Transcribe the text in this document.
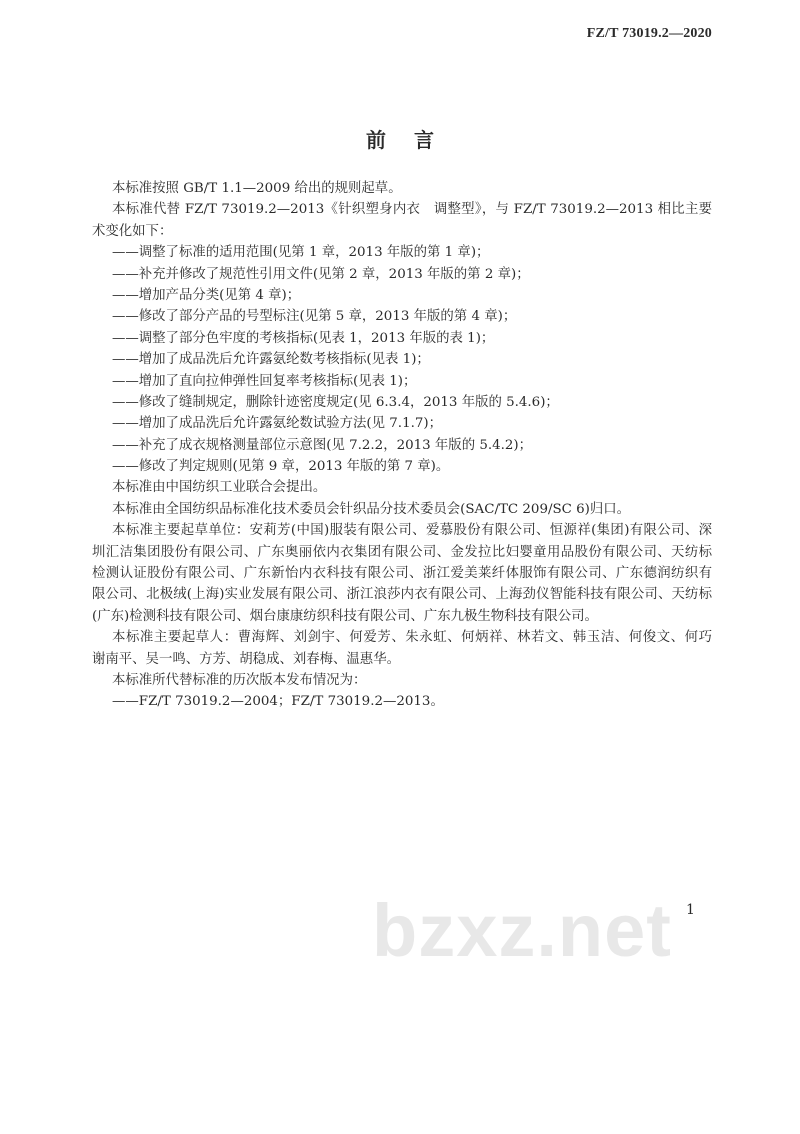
FZ/T 73019.2—2020
前言
本标准按照 GB/T 1.1—2009 给出的规则起草。
本标准代替 FZ/T 73019.2—2013《针织塑身内衣　调整型》，与 FZ/T 73019.2—2013 相比主要
术变化如下：
——调整了标准的适用范围(见第 1 章，2013 年版的第 1 章)；
——补充并修改了规范性引用文件(见第 2 章，2013 年版的第 2 章)；
——增加产品分类(见第 4 章)；
——修改了部分产品的号型标注(见第 5 章，2013 年版的第 4 章)；
——调整了部分色牢度的考核指标(见表 1，2013 年版的表 1)；
——增加了成品洗后允许露氨纶数考核指标(见表 1)；
——增加了直向拉伸弹性回复率考核指标(见表 1)；
——修改了缝制规定，删除针迹密度规定(见 6.3.4，2013 年版的 5.4.6)；
——增加了成品洗后允许露氨纶数试验方法(见 7.1.7)；
——补充了成衣规格测量部位示意图(见 7.2.2，2013 年版的 5.4.2)；
——修改了判定规则(见第 9 章，2013 年版的第 7 章)。
本标准由中国纺织工业联合会提出。
本标准由全国纺织品标准化技术委员会针织品分技术委员会(SAC/TC 209/SC 6)归口。
本标准主要起草单位：安莉芳(中国)服装有限公司、爱慕股份有限公司、恒源祥(集团)有限公司、深
圳汇洁集团股份有限公司、广东奥丽依内衣集团有限公司、金发拉比妇婴童用品股份有限公司、天纺标
检测认证股份有限公司、广东新怡内衣科技有限公司、浙江爱美莱纤体服饰有限公司、广东德润纺织有
限公司、北极绒(上海)实业发展有限公司、浙江浪莎内衣有限公司、上海劲仪智能科技有限公司、天纺标
(广东)检测科技有限公司、烟台康康纺织科技有限公司、广东九极生物科技有限公司。
本标准主要起草人：曹海辉、刘剑宇、何爱芳、朱永虹、何炳祥、林若文、韩玉洁、何俊文、何巧
谢南平、吴一鸣、方芳、胡稳成、刘春梅、温惠华。
本标准所代替标准的历次版本发布情况为：
——FZ/T 73019.2—2004；FZ/T 73019.2—2013。
1
bzxz.net
